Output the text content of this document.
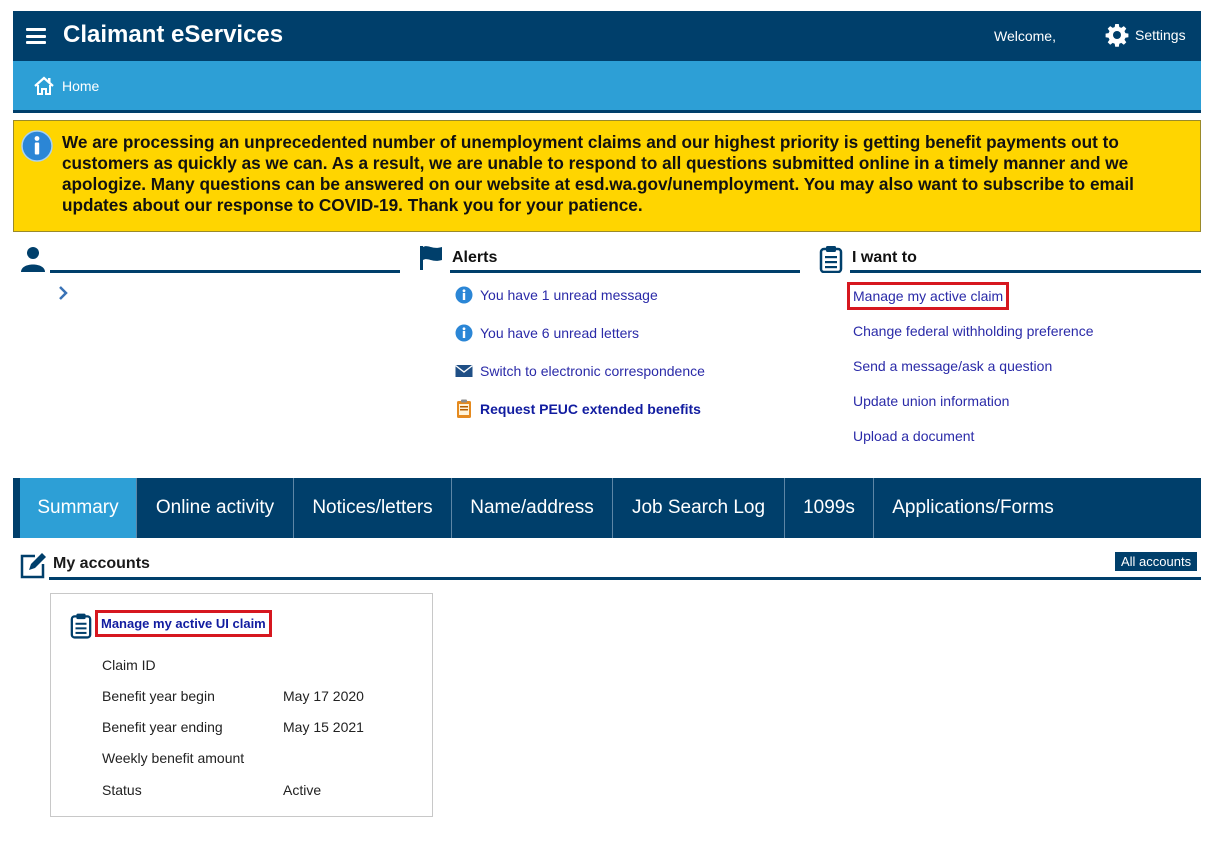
Claimant eServices	Welcome,	Settings
Home
We are processing an unprecedented number of unemployment claims and our highest priority is getting benefit payments out to customers as quickly as we can. As a result, we are unable to respond to all questions submitted online in a timely manner and we apologize. Many questions can be answered on our website at esd.wa.gov/unemployment. You may also want to subscribe to email updates about our response to COVID-19. Thank you for your patience.
Alerts
You have 1 unread message
You have 6 unread letters
Switch to electronic correspondence
Request PEUC extended benefits
I want to
Manage my active claim
Change federal withholding preference
Send a message/ask a question
Update union information
Upload a document
Summary	Online activity	Notices/letters	Name/address	Job Search Log	1099s	Applications/Forms
My accounts	All accounts
Manage my active UI claim
Claim ID
Benefit year begin	May 17 2020
Benefit year ending	May 15 2021
Weekly benefit amount
Status	Active
